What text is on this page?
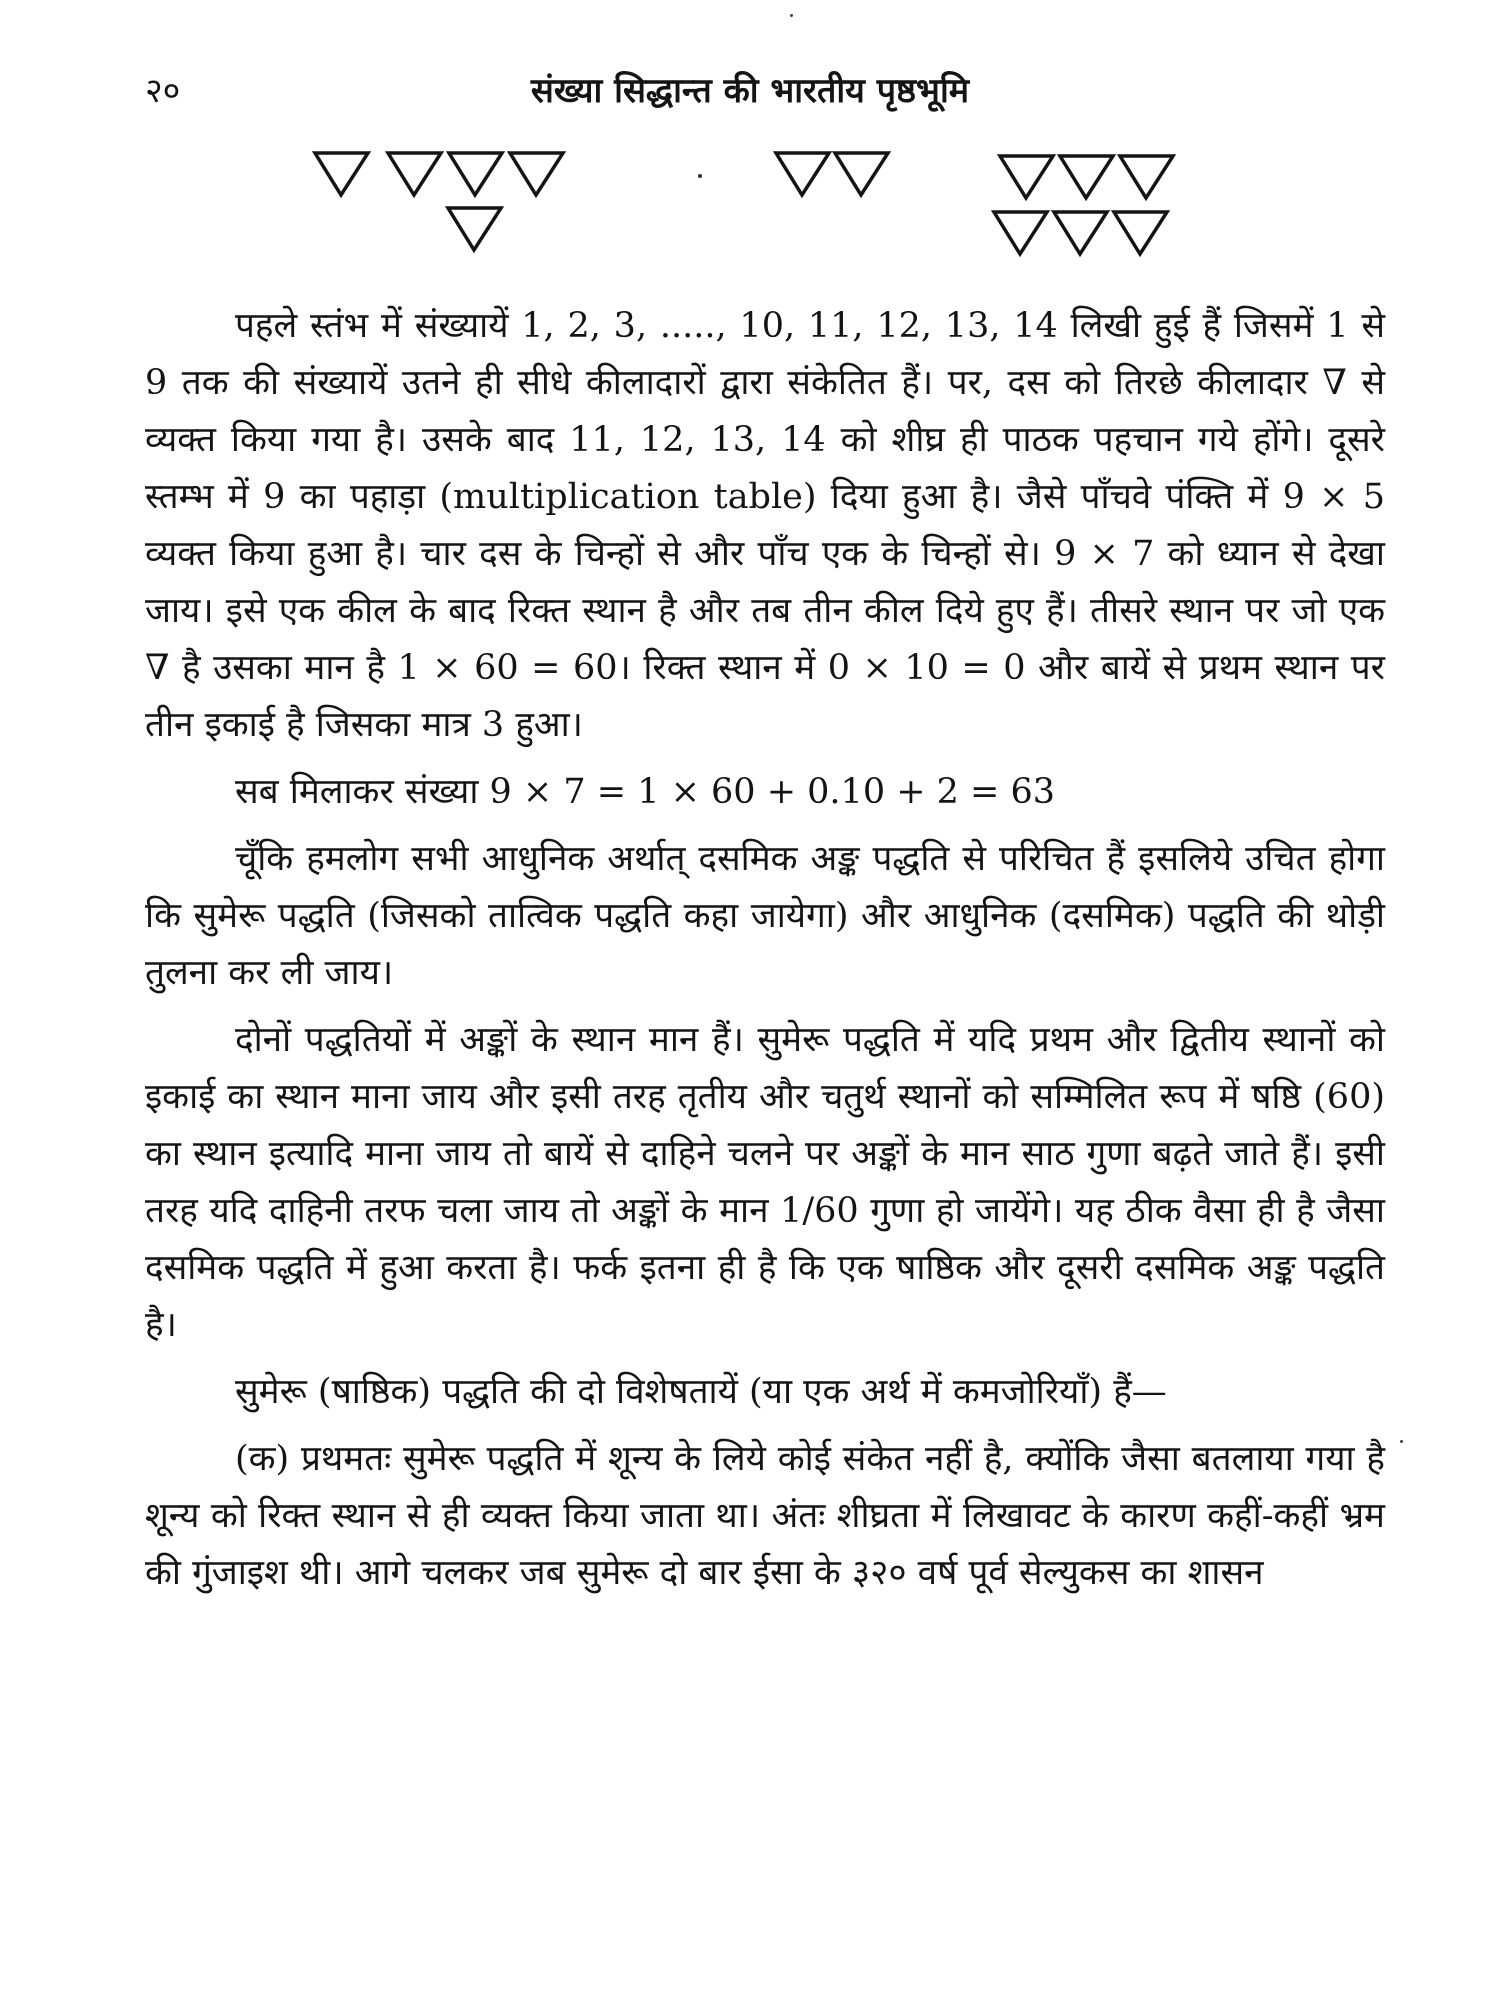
२०	संख्या सिद्धान्त की भारतीय पृष्ठभूमि

पहले स्तंभ में संख्यायें 1, 2, 3, ....., 10, 11, 12, 13, 14 लिखी हुई हैं जिसमें 1 से 9 तक की संख्यायें उतने ही सीधे कीलादारों द्वारा संकेतित हैं। पर, दस को तिरछे कीलादार ∇ से व्यक्त किया गया है। उसके बाद 11, 12, 13, 14 को शीघ्र ही पाठक पहचान गये होंगे। दूसरे स्तम्भ में 9 का पहाड़ा (multiplication table) दिया हुआ है। जैसे पाँचवे पंक्ति में 9 × 5 व्यक्त किया हुआ है। चार दस के चिन्हों से और पाँच एक के चिन्हों से। 9 × 7 को ध्यान से देखा जाय। इसे एक कील के बाद रिक्त स्थान है और तब तीन कील दिये हुए हैं। तीसरे स्थान पर जो एक ∇ है उसका मान है 1 × 60 = 60। रिक्त स्थान में 0 × 10 = 0 और बायें से प्रथम स्थान पर तीन इकाई है जिसका मात्र 3 हुआ।

सब मिलाकर संख्या 9 × 7 = 1 × 60 + 0.10 + 2 = 63

चूँकि हमलोग सभी आधुनिक अर्थात् दसमिक अङ्क पद्धति से परिचित हैं इसलिये उचित होगा कि सुमेरू पद्धति (जिसको तात्विक पद्धति कहा जायेगा) और आधुनिक (दसमिक) पद्धति की थोड़ी तुलना कर ली जाय।

दोनों पद्धतियों में अङ्कों के स्थान मान हैं। सुमेरू पद्धति में यदि प्रथम और द्वितीय स्थानों को इकाई का स्थान माना जाय और इसी तरह तृतीय और चतुर्थ स्थानों को सम्मिलित रूप में षष्ठि (60) का स्थान इत्यादि माना जाय तो बायें से दाहिने चलने पर अङ्कों के मान साठ गुणा बढ़ते जाते हैं। इसी तरह यदि दाहिनी तरफ चला जाय तो अङ्कों के मान 1/60 गुणा हो जायेंगे। यह ठीक वैसा ही है जैसा दसमिक पद्धति में हुआ करता है। फर्क इतना ही है कि एक षाष्ठिक और दूसरी दसमिक अङ्क पद्धति है।

सुमेरू (षाष्ठिक) पद्धति की दो विशेषतायें (या एक अर्थ में कमजोरियाँ) हैं—

(क) प्रथमतः सुमेरू पद्धति में शून्य के लिये कोई संकेत नहीं है, क्योंकि जैसा बतलाया गया है शून्य को रिक्त स्थान से ही व्यक्त किया जाता था। अंतः शीघ्रता में लिखावट के कारण कहीं-कहीं भ्रम की गुंजाइश थी। आगे चलकर जब सुमेरू दो बार ईसा के ३२० वर्ष पूर्व सेल्युकस का शासन
